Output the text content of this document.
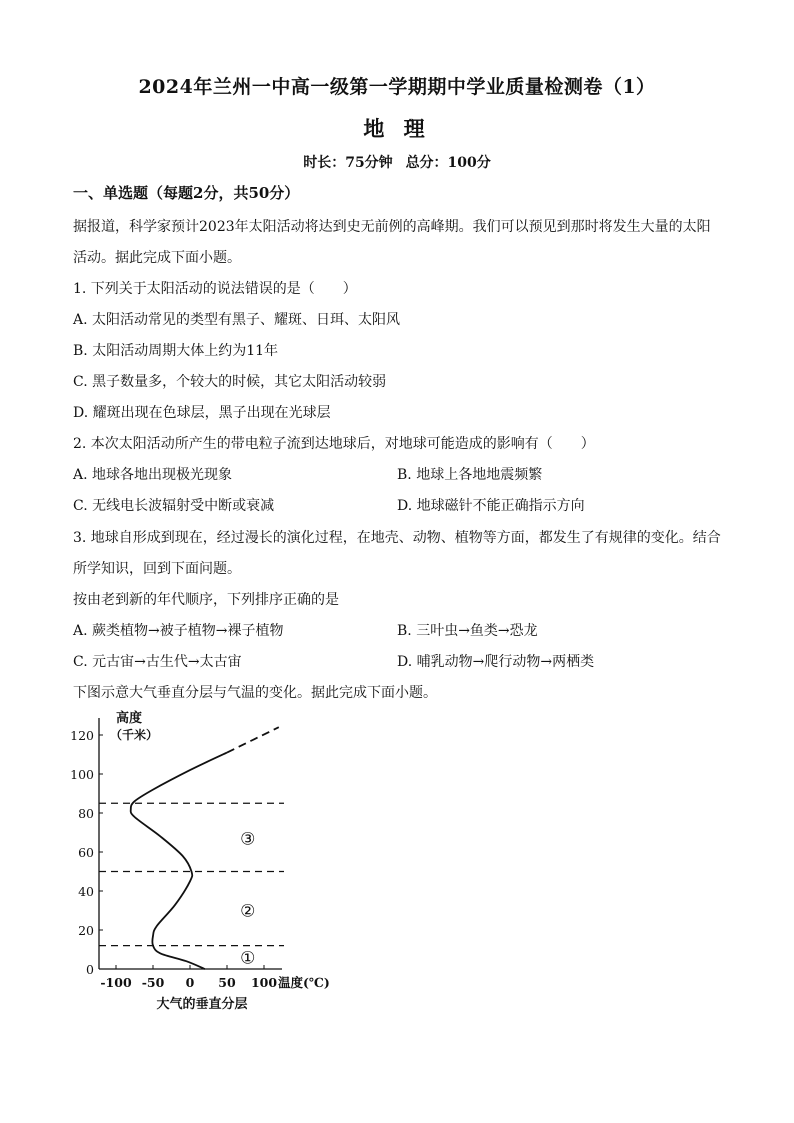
2024年兰州一中高一级第一学期期中学业质量检测卷（1）
地 理
时长：75分钟 总分：100分
一、单选题（每题2分，共50分）
据报道，科学家预计2023年太阳活动将达到史无前例的高峰期。我们可以预见到那时将发生大量的太阳
活动。据此完成下面小题。
1. 下列关于太阳活动的说法错误的是（　　）
A. 太阳活动常见的类型有黑子、耀斑、日珥、太阳风
B. 太阳活动周期大体上约为11年
C. 黑子数量多，个较大的时候，其它太阳活动较弱
D. 耀斑出现在色球层，黑子出现在光球层
2. 本次太阳活动所产生的带电粒子流到达地球后，对地球可能造成的影响有（　　）
A. 地球各地出现极光现象	B. 地球上各地地震频繁
C. 无线电长波辐射受中断或衰减	D. 地球磁针不能正确指示方向
3. 地球自形成到现在，经过漫长的演化过程，在地壳、动物、植物等方面，都发生了有规律的变化。结合
所学知识，回到下面问题。
按由老到新的年代顺序，下列排序正确的是
A. 蕨类植物→被子植物→裸子植物	B. 三叶虫→鱼类→恐龙
C. 元古宙→古生代→太古宙	D. 哺乳动物→爬行动物→两栖类
下图示意大气垂直分层与气温的变化。据此完成下面小题。
0
20
40
60
80
100
120
-100 -50 0 50 100
高度
（千米）
温度(℃)
①
②
③
大气的垂直分层
